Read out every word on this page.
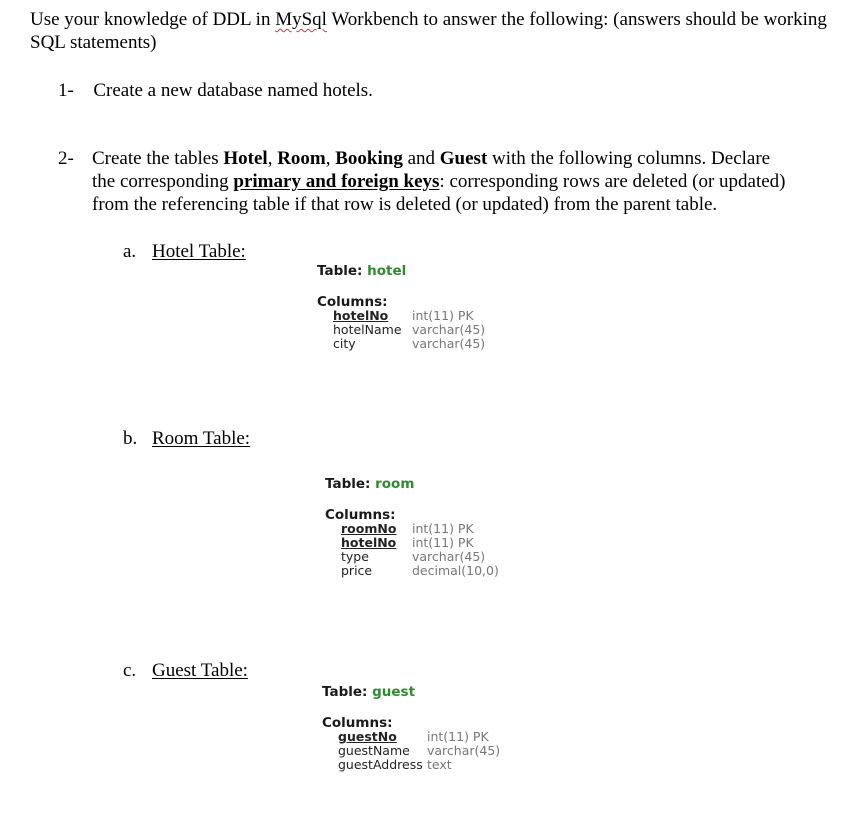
Use your knowledge of DDL in MySql Workbench to answer the following: (answers should be working SQL statements)
1- Create a new database named hotels.
2- Create the tables Hotel, Room, Booking and Guest with the following columns. Declare the corresponding primary and foreign keys: corresponding rows are deleted (or updated) from the referencing table if that row is deleted (or updated) from the parent table.
a. Hotel Table:
Table: hotel
Columns:
hotelNo	int(11) PK
hotelName varchar(45)
city	varchar(45)
b. Room Table:
Table: room
Columns:
roomNo	int(11) PK
hotelNo	int(11) PK
type	varchar(45)
price	decimal(10,0)
c. Guest Table:
Table: guest
Columns:
guestNo	int(11) PK
guestName	varchar(45)
guestAddress text
